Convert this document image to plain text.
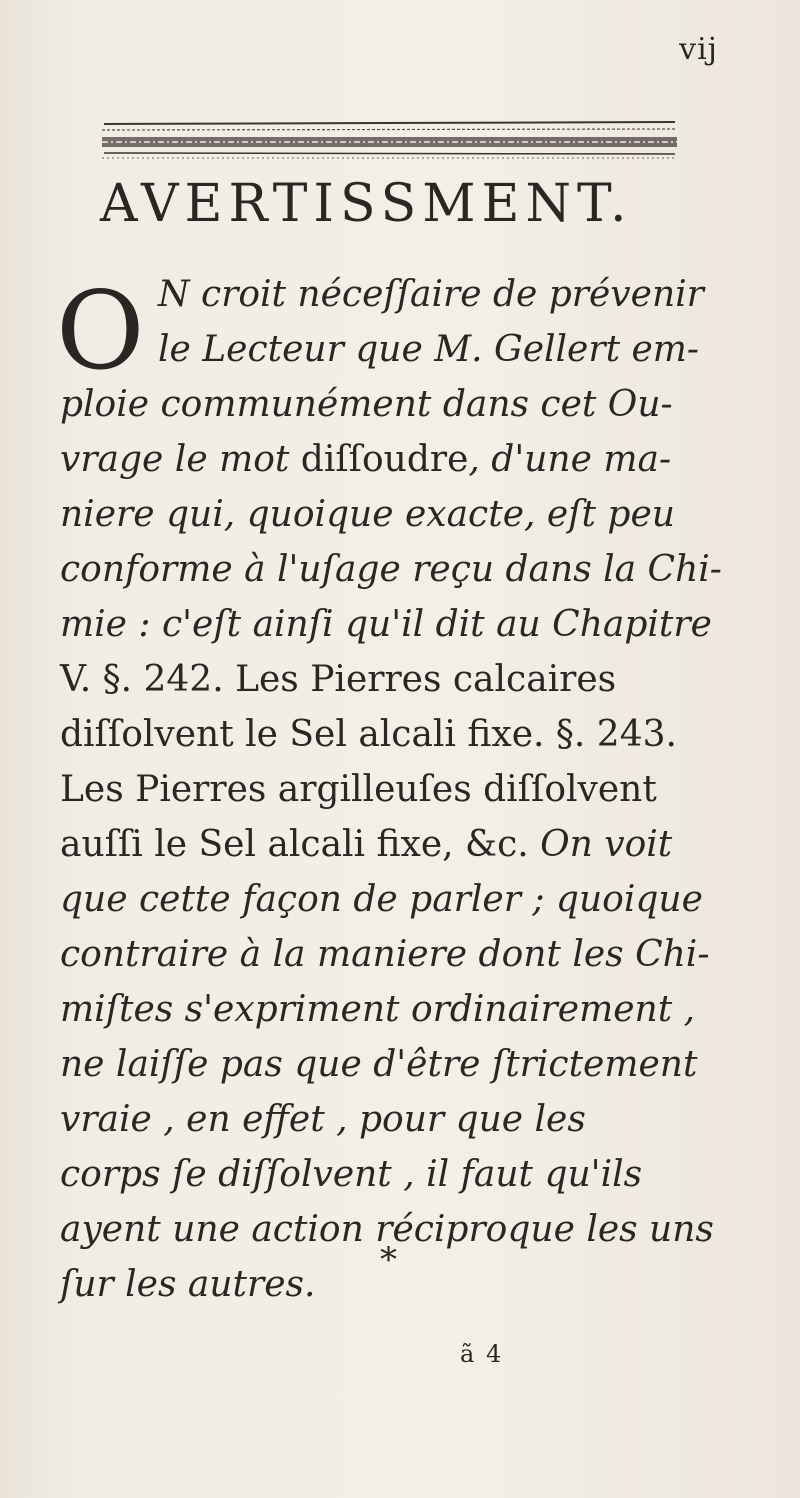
vij
AVERTISSMENT.
O N croit néceſſaire de prévenir
le Lecteur que M. Gellert em-
ploie communément dans cet Ou-
vrage le mot diſſoudre, d'une ma-
niere qui, quoique exacte, eſt peu
conforme à l'uſage reçu dans la Chi-
mie : c'eſt ainſi qu'il dit au Chapitre
V. §. 242. Les Pierres calcaires
diſſolvent le Sel alcali fixe. §. 243.
Les Pierres argilleuſes diſſolvent
auſſi le Sel alcali fixe, &c. On voit
que cette façon de parler ; quoique
contraire à la maniere dont les Chi-
miſtes s'expriment ordinairement ,
ne laiſſe pas que d'être ſtrictement
vraie , en effet , pour que les
corps ſe diſſolvent , il faut qu'ils
ayent une action réciproque les uns
ſur les autres.
*
ã 4
